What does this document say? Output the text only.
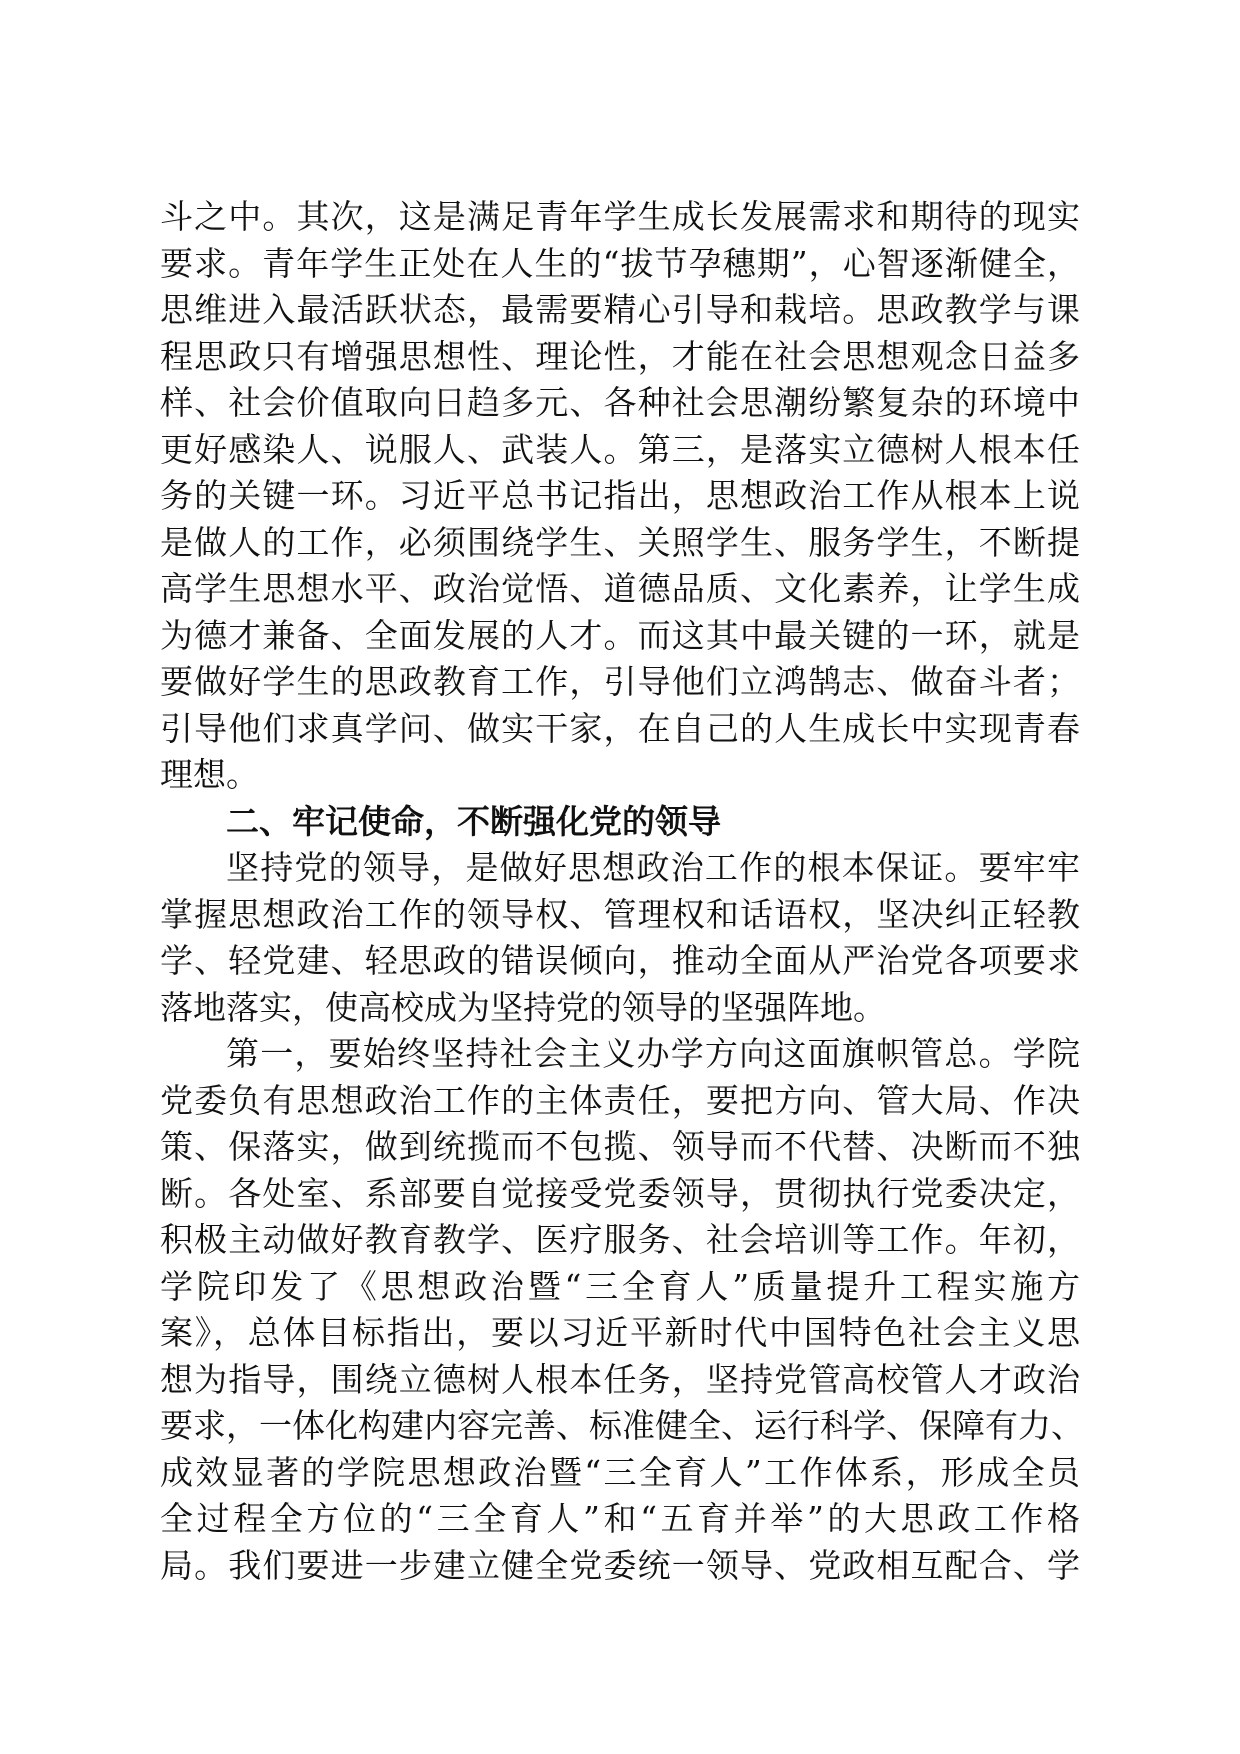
斗之中。其次，这是满足青年学生成长发展需求和期待的现实
要求。青年学生正处在人生的“拔节孕穗期”，心智逐渐健全，
思维进入最活跃状态，最需要精心引导和栽培。思政教学与课
程思政只有增强思想性、理论性，才能在社会思想观念日益多
样、社会价值取向日趋多元、各种社会思潮纷繁复杂的环境中
更好感染人、说服人、武装人。第三，是落实立德树人根本任
务的关键一环。习近平总书记指出，思想政治工作从根本上说
是做人的工作，必须围绕学生、关照学生、服务学生，不断提
高学生思想水平、政治觉悟、道德品质、文化素养，让学生成
为德才兼备、全面发展的人才。而这其中最关键的一环，就是
要做好学生的思政教育工作，引导他们立鸿鹄志、做奋斗者；
引导他们求真学问、做实干家，在自己的人生成长中实现青春
理想。
二、牢记使命，不断强化党的领导
坚持党的领导，是做好思想政治工作的根本保证。要牢牢
掌握思想政治工作的领导权、管理权和话语权，坚决纠正轻教
学、轻党建、轻思政的错误倾向，推动全面从严治党各项要求
落地落实，使高校成为坚持党的领导的坚强阵地。
第一，要始终坚持社会主义办学方向这面旗帜管总。学院
党委负有思想政治工作的主体责任，要把方向、管大局、作决
策、保落实，做到统揽而不包揽、领导而不代替、决断而不独
断。各处室、系部要自觉接受党委领导，贯彻执行党委决定，
积极主动做好教育教学、医疗服务、社会培训等工作。年初，
学院印发了《思想政治暨“三全育人”质量提升工程实施方
案》，总体目标指出，要以习近平新时代中国特色社会主义思
想为指导，围绕立德树人根本任务，坚持党管高校管人才政治
要求，一体化构建内容完善、标准健全、运行科学、保障有力、
成效显著的学院思想政治暨“三全育人”工作体系，形成全员
全过程全方位的“三全育人”和“五育并举”的大思政工作格
局。我们要进一步建立健全党委统一领导、党政相互配合、学
